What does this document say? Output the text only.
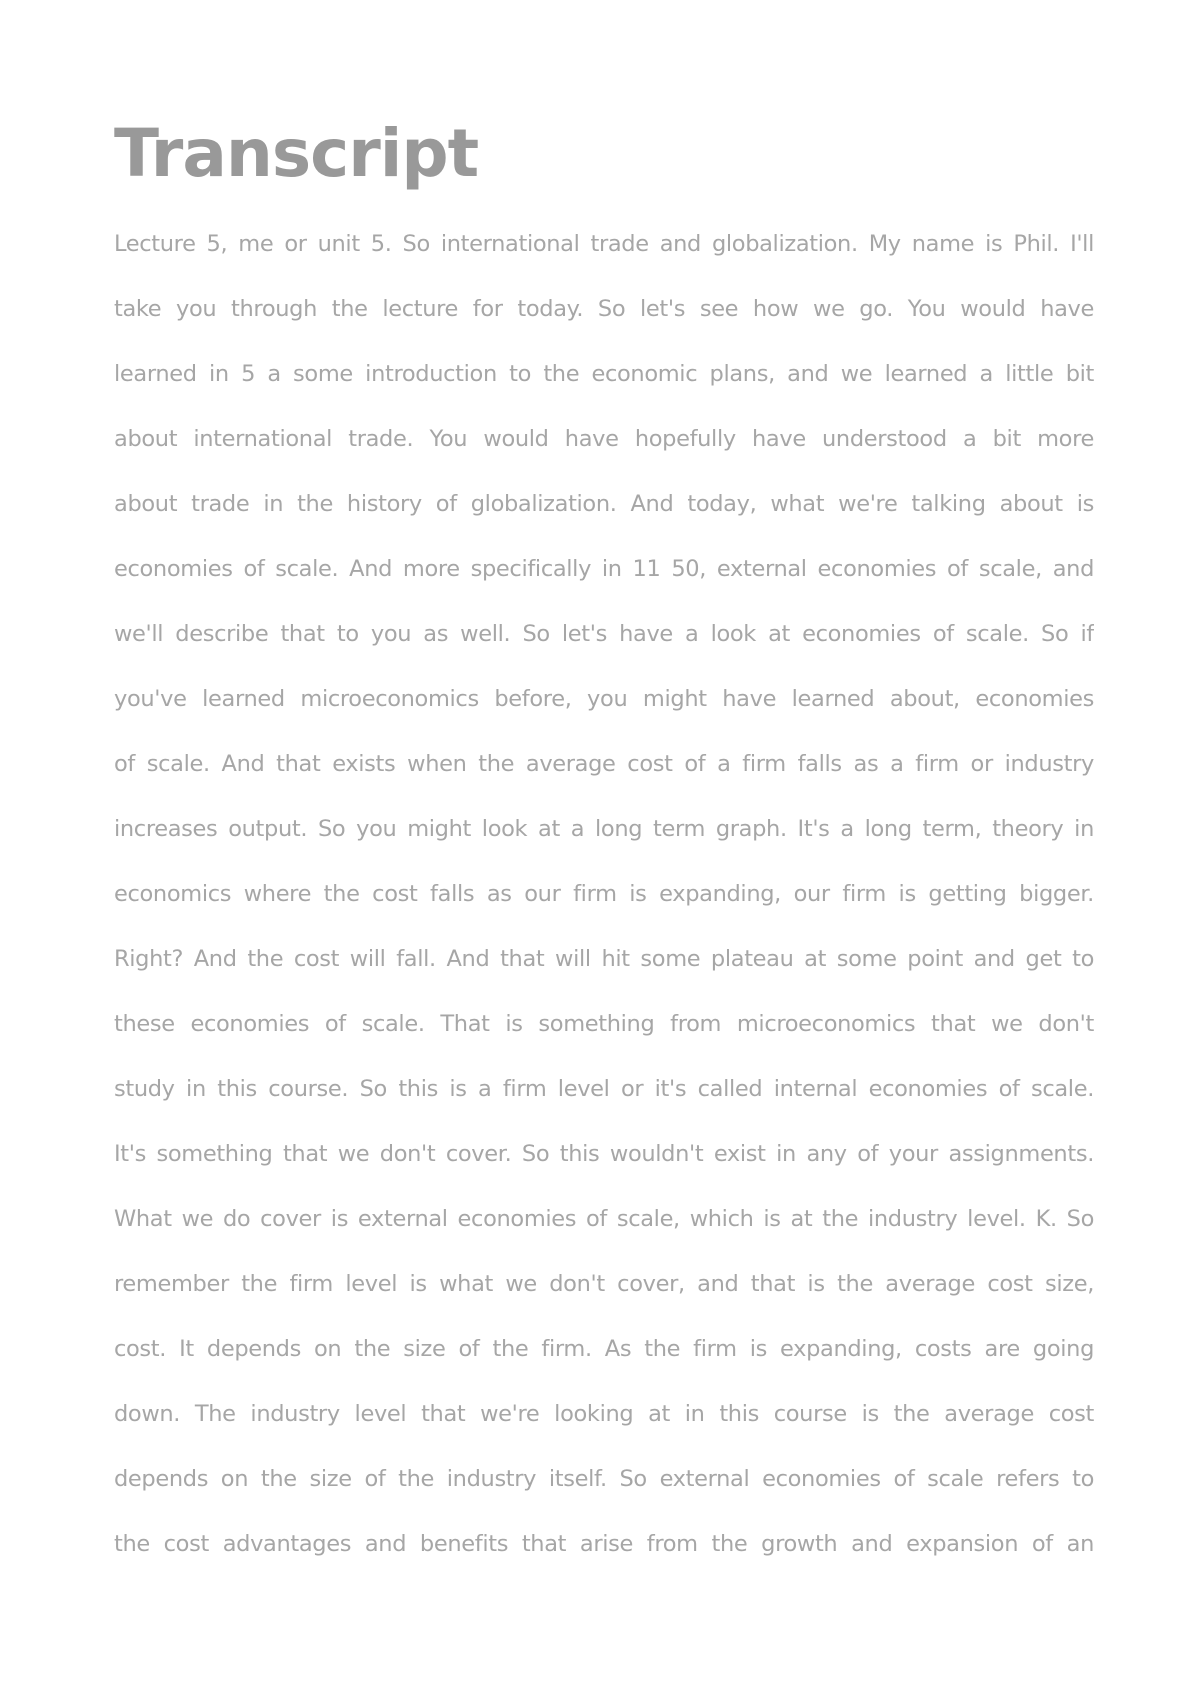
Transcript
Lecture 5, me or unit 5. So international trade and globalization. My name is Phil. I'll
take you through the lecture for today. So let's see how we go. You would have
learned in 5 a some introduction to the economic plans, and we learned a little bit
about international trade. You would have hopefully have understood a bit more
about trade in the history of globalization. And today, what we're talking about is
economies of scale. And more specifically in 11 50, external economies of scale, and
we'll describe that to you as well. So let's have a look at economies of scale. So if
you've learned microeconomics before, you might have learned about, economies
of scale. And that exists when the average cost of a firm falls as a firm or industry
increases output. So you might look at a long term graph. It's a long term, theory in
economics where the cost falls as our firm is expanding, our firm is getting bigger.
Right? And the cost will fall. And that will hit some plateau at some point and get to
these economies of scale. That is something from microeconomics that we don't
study in this course. So this is a firm level or it's called internal economies of scale.
It's something that we don't cover. So this wouldn't exist in any of your assignments.
What we do cover is external economies of scale, which is at the industry level. K. So
remember the firm level is what we don't cover, and that is the average cost size,
cost. It depends on the size of the firm. As the firm is expanding, costs are going
down. The industry level that we're looking at in this course is the average cost
depends on the size of the industry itself. So external economies of scale refers to
the cost advantages and benefits that arise from the growth and expansion of an
